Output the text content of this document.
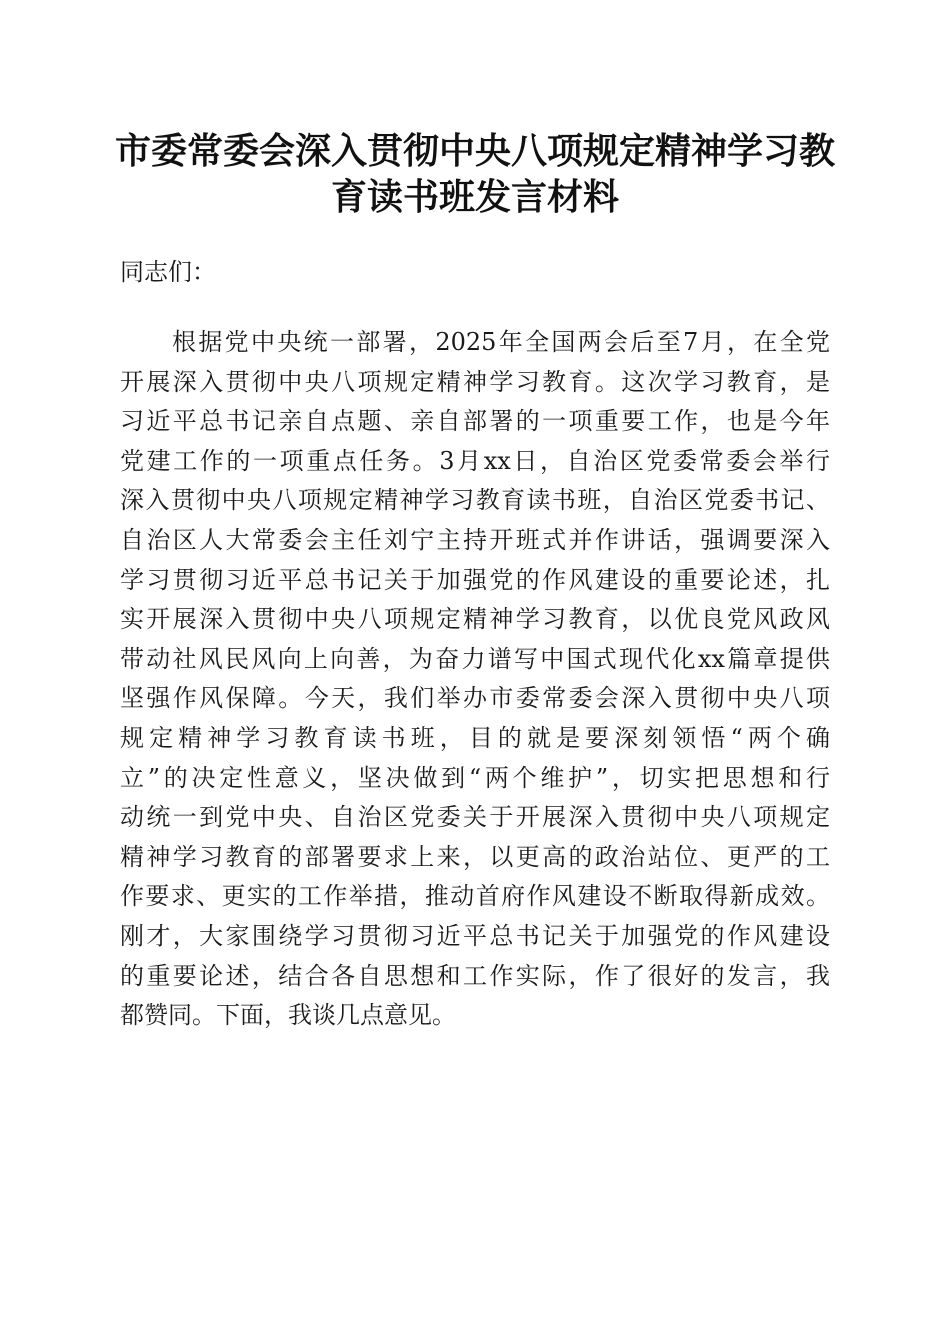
市委常委会深入贯彻中央八项规定精神学习教
育读书班发言材料

同志们：

根据党中央统一部署，2025年全国两会后至7月，在全党
开展深入贯彻中央八项规定精神学习教育。这次学习教育，是
习近平总书记亲自点题、亲自部署的一项重要工作，也是今年
党建工作的一项重点任务。3月xx日，自治区党委常委会举行
深入贯彻中央八项规定精神学习教育读书班，自治区党委书记、
自治区人大常委会主任刘宁主持开班式并作讲话，强调要深入
学习贯彻习近平总书记关于加强党的作风建设的重要论述，扎
实开展深入贯彻中央八项规定精神学习教育，以优良党风政风
带动社风民风向上向善，为奋力谱写中国式现代化xx篇章提供
坚强作风保障。今天，我们举办市委常委会深入贯彻中央八项
规定精神学习教育读书班，目的就是要深刻领悟“两个确
立”的决定性意义，坚决做到“两个维护”，切实把思想和行
动统一到党中央、自治区党委关于开展深入贯彻中央八项规定
精神学习教育的部署要求上来，以更高的政治站位、更严的工
作要求、更实的工作举措，推动首府作风建设不断取得新成效。
刚才，大家围绕学习贯彻习近平总书记关于加强党的作风建设
的重要论述，结合各自思想和工作实际，作了很好的发言，我
都赞同。下面，我谈几点意见。
